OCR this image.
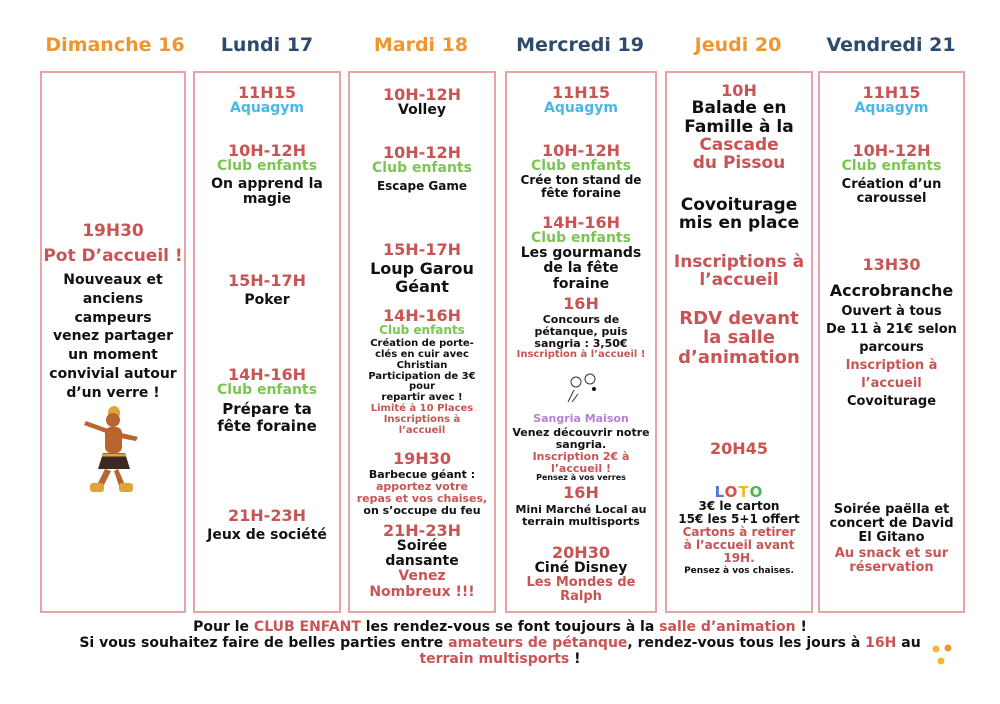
Dimanche 16	Lundi 17	Mardi 18	Mercredi 19	Jeudi 20	Vendredi 21
19H30
Pot D’accueil !
Nouveaux et
anciens campeurs
venez partager
un moment
convivial autour
d’un verre !
11H15
Aquagym
10H-12H
Club enfants
On apprend la
magie
15H-17H
Poker
14H-16H
Club enfants
Prépare ta
fête foraine
21H-23H
Jeux de société
10H-12H
Volley
10H-12H
Club enfants
Escape Game
15H-17H
Loup Garou
Géant
14H-16H
Club enfants
Création de porte-
clés en cuir avec
Christian
Participation de 3€
pour
repartir avec !
Limité à 10 Places
Inscriptions à
l’accueil
19H30
Barbecue géant :
apportez votre
repas et vos chaises,
on s’occupe du feu
21H-23H
Soirée
dansante
Venez
Nombreux !!!
11H15
Aquagym
10H-12H
Club enfants
Crée ton stand de
fête foraine
14H-16H
Club enfants
Les gourmands
de la fête
foraine
16H
Concours de
pétanque, puis
sangria : 3,50€
Inscription à l’accueil !
Sangria Maison
Venez découvrir notre
sangria.
Inscription 2€ à
l’accueil !
Pensez à vos verres
16H
Mini Marché Local au
terrain multisports
20H30
Ciné Disney
Les Mondes de
Ralph
10H
Balade en
Famille à la
Cascade
du Pissou
Covoiturage
mis en place
Inscriptions à
l’accueil
RDV devant
la salle
d’animation
20H45
LOTO
3€ le carton
15€ les 5+1 offert
Cartons à retirer
à l’accueil avant
19H.
Pensez à vos chaises.
11H15
Aquagym
10H-12H
Club enfants
Création d’un
caroussel
13H30
Accrobranche
Ouvert à tous
De 11 à 21€ selon
parcours
Inscription à
l’accueil
Covoiturage
Soirée paëlla et
concert de David
El Gitano
Au snack et sur
réservation
Pour le CLUB ENFANT les rendez-vous se font toujours à la salle d’animation !
Si vous souhaitez faire de belles parties entre amateurs de pétanque, rendez-vous tous les jours à 16H au
terrain multisports !
